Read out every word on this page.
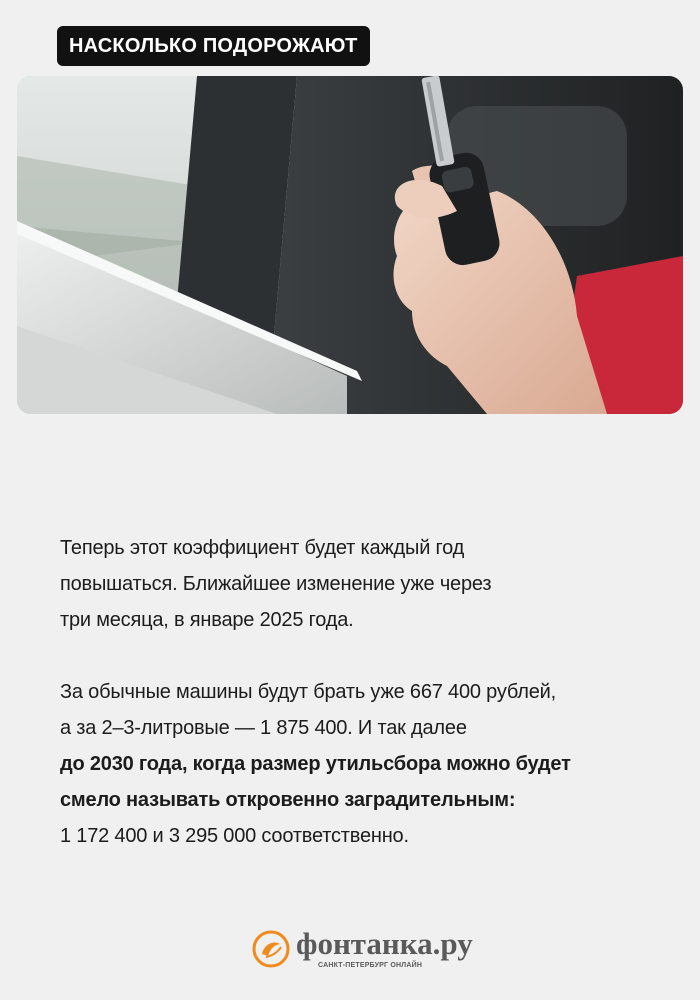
НАСКОЛЬКО ПОДОРОЖАЮТ
Теперь этот коэффициент будет каждый год
повышаться. Ближайшее изменение уже через
три месяца, в январе 2025 года.
За обычные машины будут брать уже 667 400 рублей,
а за 2–3-литровые — 1 875 400. И так далее
до 2030 года, когда размер утильсбора можно будет
смело называть откровенно заградительным:
1 172 400 и 3 295 000 соответственно.
фонтанка.ру
САНКТ-ПЕТЕРБУРГ ОНЛАЙН
